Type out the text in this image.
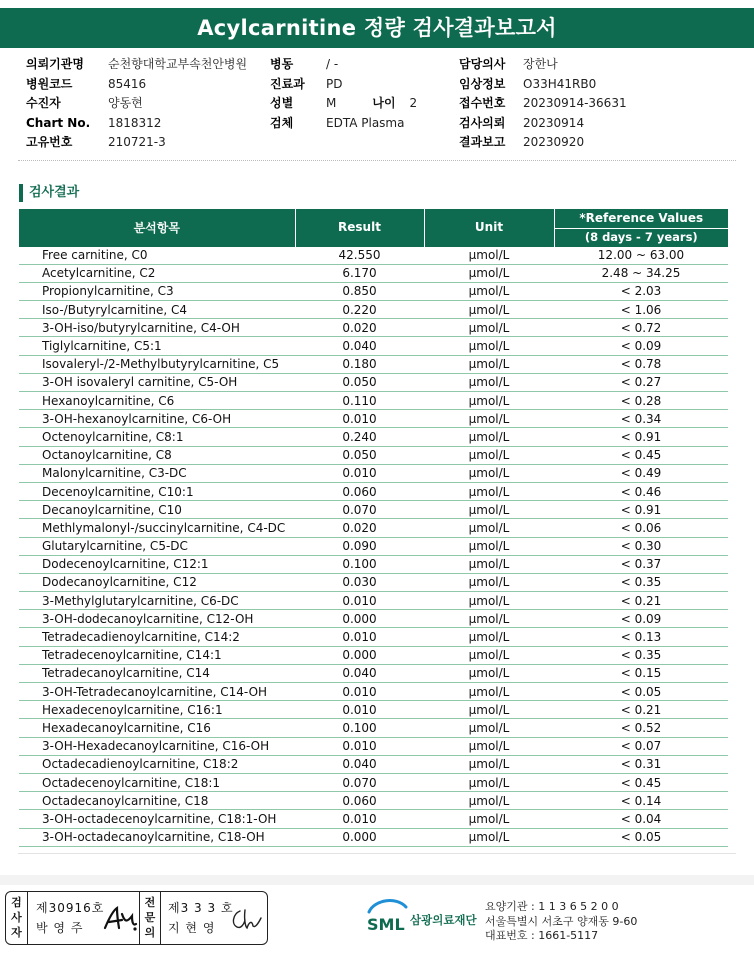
Acylcarnitine 정량 검사결과보고서
의뢰기관명 순천향대학교부속천안병원
병원코드	85416
수진자	양동현
Chart No. 1818312
고유번호	210721-3
병동	/ -
진료과 PD
성별	M	나이 2
검체	EDTA Plasma
담당의사 장한나
임상정보 O33H41RB0
접수번호 20230914-36631
검사의뢰 20230914
결과보고 20230920
검사결과
분석항목	Result	Unit	*Reference Values
			(8 days - 7 years)
Free carnitine, C0	42.550	μmol/L	12.00 ~ 63.00
Acetylcarnitine, C2	6.170	μmol/L	2.48 ~ 34.25
Propionylcarnitine, C3	0.850	μmol/L	< 2.03
Iso-/Butyrylcarnitine, C4	0.220	μmol/L	< 1.06
3-OH-iso/butyrylcarnitine, C4-OH	0.020	μmol/L	< 0.72
Tiglylcarnitine, C5:1	0.040	μmol/L	< 0.09
Isovaleryl-/2-Methylbutyrylcarnitine, C5	0.180	μmol/L	< 0.78
3-OH isovaleryl carnitine, C5-OH	0.050	μmol/L	< 0.27
Hexanoylcarnitine, C6	0.110	μmol/L	< 0.28
3-OH-hexanoylcarnitine, C6-OH	0.010	μmol/L	< 0.34
Octenoylcarnitine, C8:1	0.240	μmol/L	< 0.91
Octanoylcarnitine, C8	0.050	μmol/L	< 0.45
Malonylcarnitine, C3-DC	0.010	μmol/L	< 0.49
Decenoylcarnitine, C10:1	0.060	μmol/L	< 0.46
Decanoylcarnitine, C10	0.070	μmol/L	< 0.91
Methlymalonyl-/succinylcarnitine, C4-DC	0.020	μmol/L	< 0.06
Glutarylcarnitine, C5-DC	0.090	μmol/L	< 0.30
Dodecenoylcarnitine, C12:1	0.100	μmol/L	< 0.37
Dodecanoylcarnitine, C12	0.030	μmol/L	< 0.35
3-Methylglutarylcarnitine, C6-DC	0.010	μmol/L	< 0.21
3-OH-dodecanoylcarnitine, C12-OH	0.000	μmol/L	< 0.09
Tetradecadienoylcarnitine, C14:2	0.010	μmol/L	< 0.13
Tetradecenoylcarnitine, C14:1	0.000	μmol/L	< 0.35
Tetradecanoylcarnitine, C14	0.040	μmol/L	< 0.15
3-OH-Tetradecanoylcarnitine, C14-OH	0.010	μmol/L	< 0.05
Hexadecenoylcarnitine, C16:1	0.010	μmol/L	< 0.21
Hexadecanoylcarnitine, C16	0.100	μmol/L	< 0.52
3-OH-Hexadecanoylcarnitine, C16-OH	0.010	μmol/L	< 0.07
Octadecadienoylcarnitine, C18:2	0.040	μmol/L	< 0.31
Octadecenoylcarnitine, C18:1	0.070	μmol/L	< 0.45
Octadecanoylcarnitine, C18	0.060	μmol/L	< 0.14
3-OH-octadecenoylcarnitine, C18:1-OH	0.010	μmol/L	< 0.04
3-OH-octadecanoylcarnitine, C18-OH	0.000	μmol/L	< 0.05
검사자
제30916호
박 영 주
전문의
제3 3 3 호
지 현 영	SML 삼광의료재단
요양기관 : 1 1 3 6 5 2 0 0
서울특별시 서초구 양재동 9-60
대표번호 : 1661-5117
